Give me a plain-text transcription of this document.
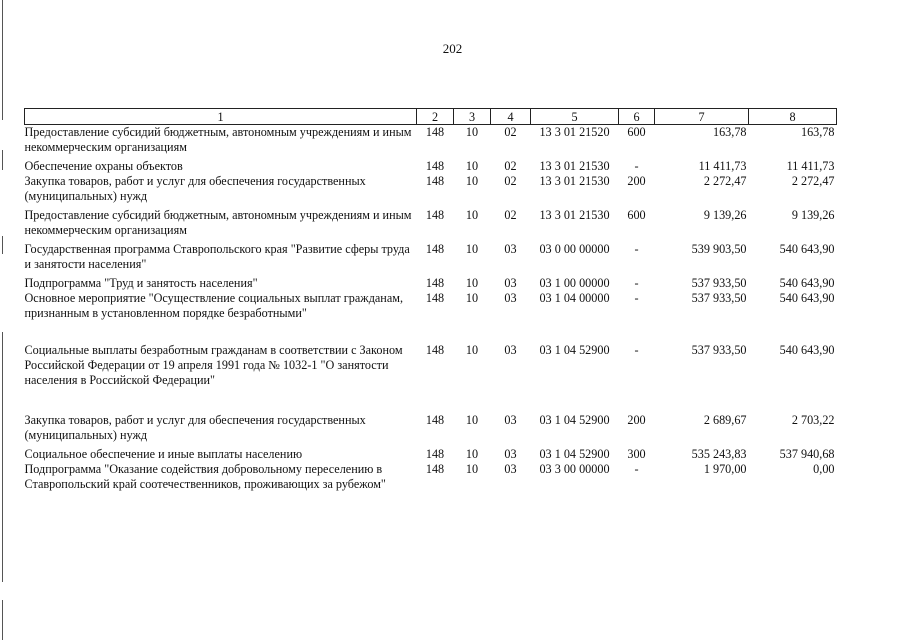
202
1	2	3	4	5	6	7	8
Предоставление субсидий бюджетным, автономным учреждениям и иным некоммерческим организациям	148	10	02	13 3 01 21520	600	163,78	163,78
Обеспечение охраны объектов	148	10	02	13 3 01 21530	-	11 411,73	11 411,73
Закупка товаров, работ и услуг для обеспечения государственных (муниципальных) нужд	148	10	02	13 3 01 21530	200	2 272,47	2 272,47
Предоставление субсидий бюджетным, автономным учреждениям и иным некоммерческим организациям	148	10	02	13 3 01 21530	600	9 139,26	9 139,26
Государственная программа Ставропольского края "Развитие сферы труда и занятости населения"	148	10	03	03 0 00 00000	-	539 903,50	540 643,90
Подпрограмма "Труд и занятость населения"	148	10	03	03 1 00 00000	-	537 933,50	540 643,90
Основное мероприятие "Осуществление социальных выплат гражданам, признанным в установленном порядке безработными"	148	10	03	03 1 04 00000	-	537 933,50	540 643,90
Социальные выплаты безработным гражданам в соответствии с Законом Российской Федерации от 19 апреля 1991 года № 1032-1 "О занятости населения в Российской Федерации"	148	10	03	03 1 04 52900	-	537 933,50	540 643,90
Закупка товаров, работ и услуг для обеспечения государственных (муниципальных) нужд	148	10	03	03 1 04 52900	200	2 689,67	2 703,22
Социальное обеспечение и иные выплаты населению	148	10	03	03 1 04 52900	300	535 243,83	537 940,68
Подпрограмма "Оказание содействия добровольному переселению в Ставропольский край соотечественников, проживающих за рубежом"	148	10	03	03 3 00 00000	-	1 970,00	0,00
